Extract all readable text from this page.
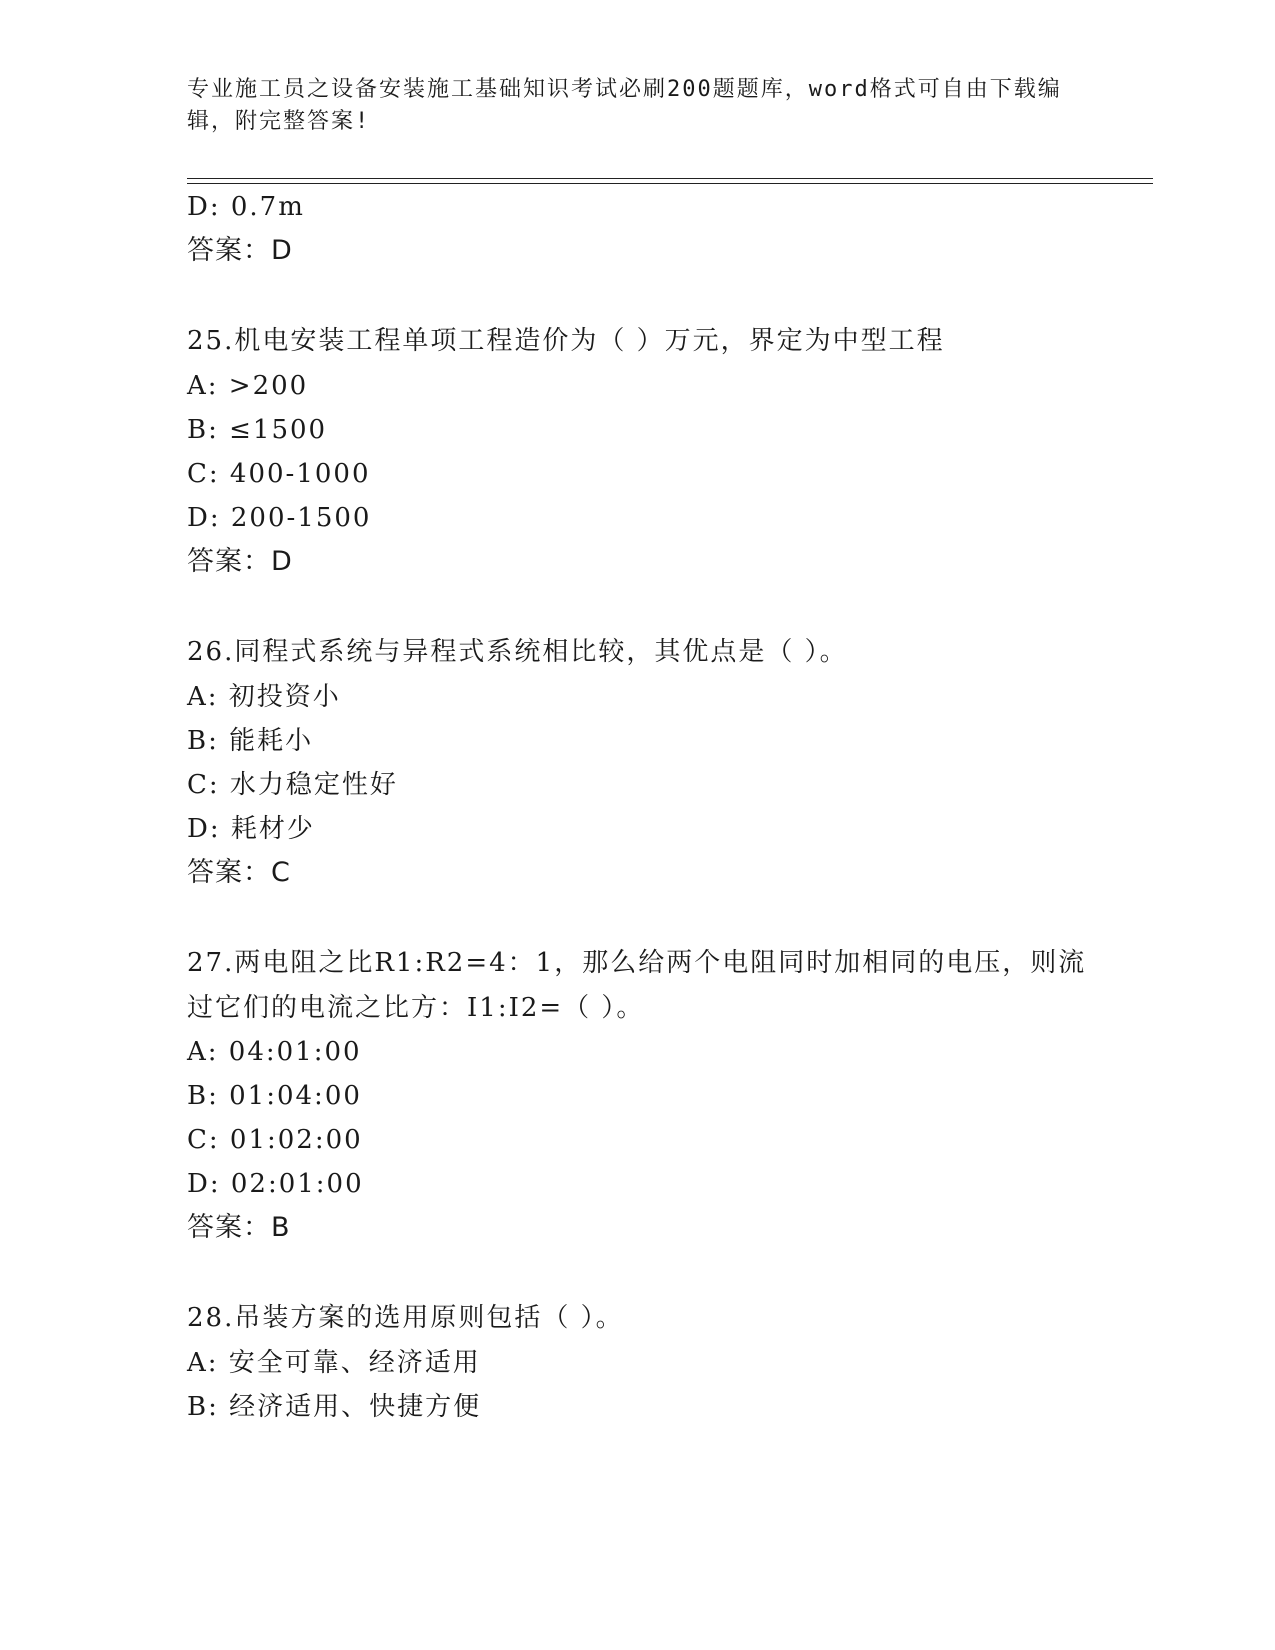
专业施工员之设备安装施工基础知识考试必刷200题题库，word格式可自由下载编辑，附完整答案!
D: 0.7m
答案：D
25.机电安装工程单项工程造价为（ ）万元，界定为中型工程
A: >200
B: ≤1500
C: 400-1000
D: 200-1500
答案：D
26.同程式系统与异程式系统相比较，其优点是（ ）。
A: 初投资小
B: 能耗小
C: 水力稳定性好
D: 耗材少
答案：C
27.两电阻之比R1:R2=4：1，那么给两个电阻同时加相同的电压，则流过它们的电流之比方：I1:I2=（ ）。
A: 04:01:00
B: 01:04:00
C: 01:02:00
D: 02:01:00
答案：B
28.吊装方案的选用原则包括（ ）。
A: 安全可靠、经济适用
B: 经济适用、快捷方便
